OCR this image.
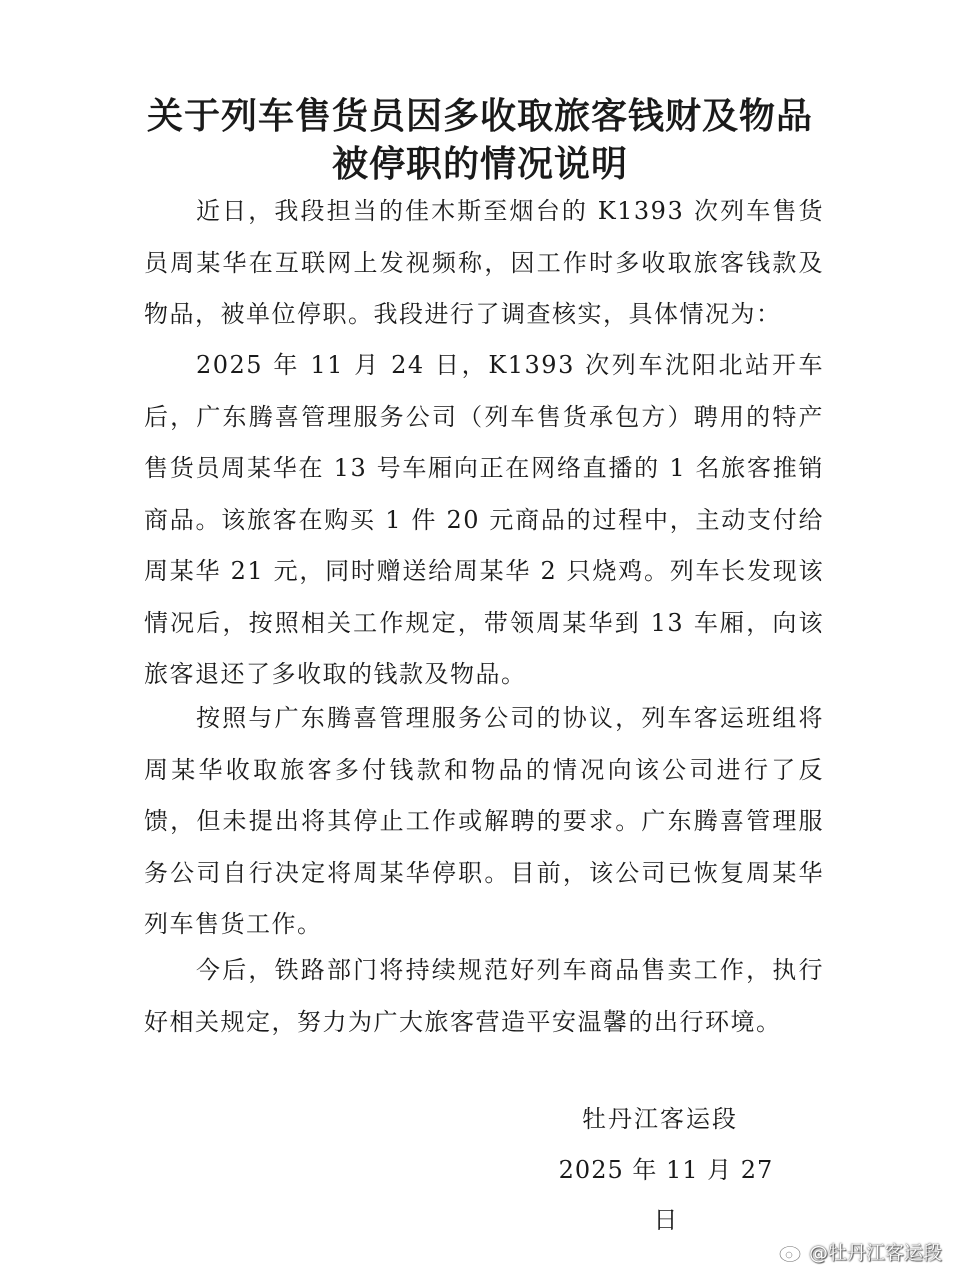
关于列车售货员因多收取旅客钱财及物品
被停职的情况说明

近日，我段担当的佳木斯至烟台的 K1393 次列车售货员周某华在互联网上发视频称，因工作时多收取旅客钱款及物品，被单位停职。我段进行了调查核实，具体情况为：

2025 年 11 月 24 日，K1393 次列车沈阳北站开车后，广东腾喜管理服务公司（列车售货承包方）聘用的特产售货员周某华在 13 号车厢向正在网络直播的 1 名旅客推销商品。该旅客在购买 1 件 20 元商品的过程中，主动支付给周某华 21 元，同时赠送给周某华 2 只烧鸡。列车长发现该情况后，按照相关工作规定，带领周某华到 13 车厢，向该旅客退还了多收取的钱款及物品。

按照与广东腾喜管理服务公司的协议，列车客运班组将周某华收取旅客多付钱款和物品的情况向该公司进行了反馈，但未提出将其停止工作或解聘的要求。广东腾喜管理服务公司自行决定将周某华停职。目前，该公司已恢复周某华列车售货工作。

今后，铁路部门将持续规范好列车商品售卖工作，执行好相关规定，努力为广大旅客营造平安温馨的出行环境。

牡丹江客运段
2025 年 11 月 27 日
@牡丹江客运段
